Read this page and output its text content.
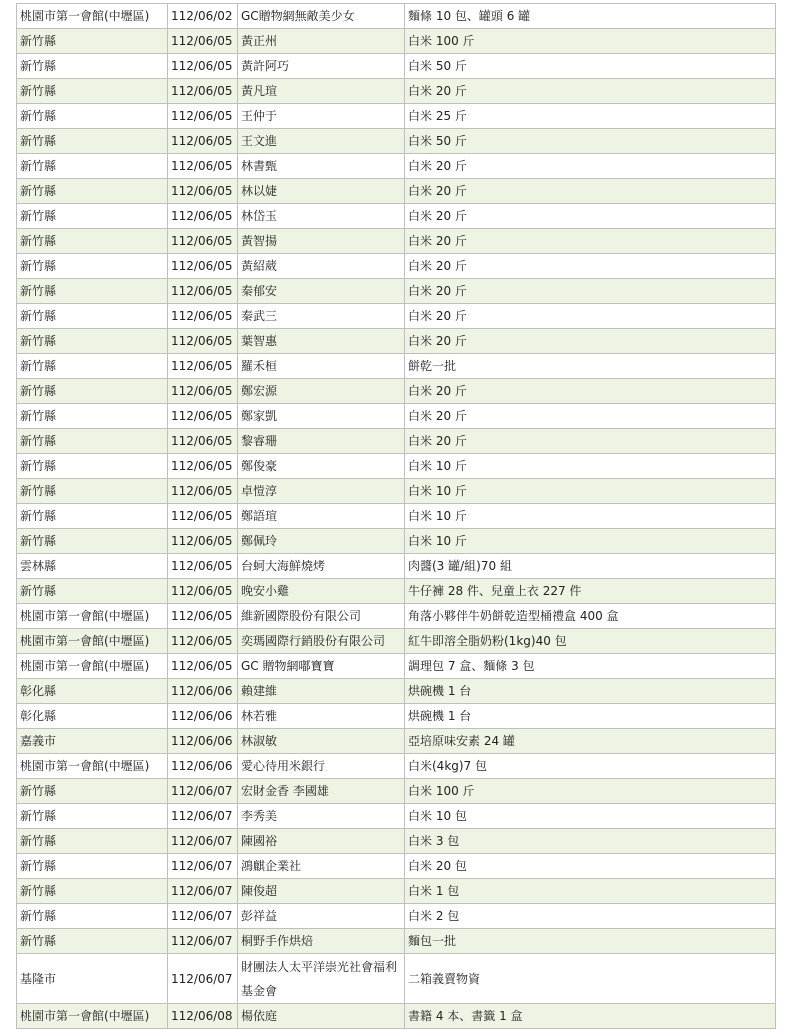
桃園市第一會館(中壢區)	112/06/02	GC贈物網無敵美少女	麵條 10 包、罐頭 6 罐
新竹縣	112/06/05	黃正州	白米 100 斤
新竹縣	112/06/05	黃許阿巧	白米 50 斤
新竹縣	112/06/05	黃凡瑄	白米 20 斤
新竹縣	112/06/05	王仲于	白米 25 斤
新竹縣	112/06/05	王文進	白米 50 斤
新竹縣	112/06/05	林書甄	白米 20 斤
新竹縣	112/06/05	林以婕	白米 20 斤
新竹縣	112/06/05	林岱玉	白米 20 斤
新竹縣	112/06/05	黃智揚	白米 20 斤
新竹縣	112/06/05	黃紹葳	白米 20 斤
新竹縣	112/06/05	秦郁安	白米 20 斤
新竹縣	112/06/05	秦武三	白米 20 斤
新竹縣	112/06/05	葉智惠	白米 20 斤
新竹縣	112/06/05	羅禾桓	餅乾一批
新竹縣	112/06/05	鄭宏源	白米 20 斤
新竹縣	112/06/05	鄭家凱	白米 20 斤
新竹縣	112/06/05	黎睿珊	白米 20 斤
新竹縣	112/06/05	鄭俊豪	白米 10 斤
新竹縣	112/06/05	卓愷淳	白米 10 斤
新竹縣	112/06/05	鄭語瑄	白米 10 斤
新竹縣	112/06/05	鄭佩玲	白米 10 斤
雲林縣	112/06/05	台蚵大海鮮燒烤	肉醬(3 罐/組)70 組
新竹縣	112/06/05	晚安小雞	牛仔褲 28 件、兒童上衣 227 件
桃園市第一會館(中壢區)	112/06/05	維新國際股份有限公司	角落小夥伴牛奶餅乾造型桶禮盒 400 盒
桃園市第一會館(中壢區)	112/06/05	奕瑪國際行銷股份有限公司	紅牛即溶全脂奶粉(1kg)40 包
桃園市第一會館(中壢區)	112/06/05	GC 贈物網嘟寶寶	調理包 7 盒、麵條 3 包
彰化縣	112/06/06	賴建維	烘碗機 1 台
彰化縣	112/06/06	林若雅	烘碗機 1 台
嘉義市	112/06/06	林淑敏	亞培原味安素 24 罐
桃園市第一會館(中壢區)	112/06/06	愛心待用米銀行	白米(4kg)7 包
新竹縣	112/06/07	宏財金香 李國雄	白米 100 斤
新竹縣	112/06/07	李秀美	白米 10 包
新竹縣	112/06/07	陳國裕	白米 3 包
新竹縣	112/06/07	鴻麒企業社	白米 20 包
新竹縣	112/06/07	陳俊超	白米 1 包
新竹縣	112/06/07	彭祥益	白米 2 包
新竹縣	112/06/07	桐野手作烘焙	麵包一批
基隆市	112/06/07	財團法人太平洋崇光社會福利基金會	二箱義賣物資
桃園市第一會館(中壢區)	112/06/08	楊依庭	書籍 4 本、書籤 1 盒
